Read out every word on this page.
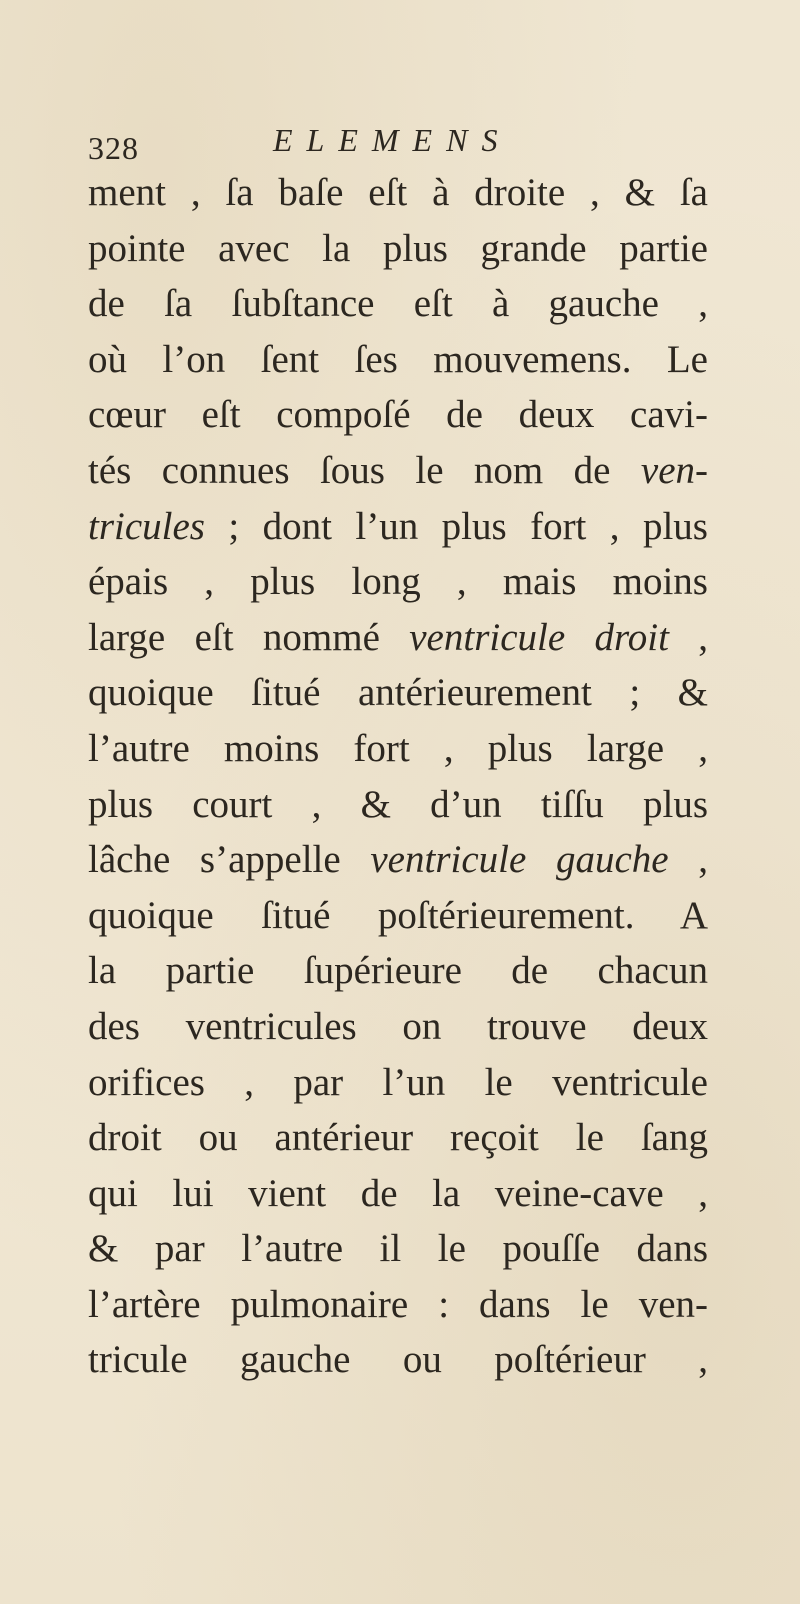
328	ELEMENS
ment , ſa baſe eſt à droite , & ſa
pointe avec la plus grande partie
de ſa ſubſtance eſt à gauche ,
où l’on ſent ſes mouvemens. Le
cœur eſt compoſé de deux cavi-
tés connues ſous le nom de ven-
tricules ; dont l’un plus fort , plus
épais , plus long , mais moins
large eſt nommé ventricule droit ,
quoique ſitué antérieurement ; &
l’autre moins fort , plus large ,
plus court , & d’un tiſſu plus
lâche s’appelle ventricule gauche ,
quoique ſitué poſtérieurement. A
la partie ſupérieure de chacun
des ventricules on trouve deux
orifices , par l’un le ventricule
droit ou antérieur reçoit le ſang
qui lui vient de la veine-cave ,
& par l’autre il le pouſſe dans
l’artère pulmonaire : dans le ven-
tricule gauche ou poſtérieur ,
